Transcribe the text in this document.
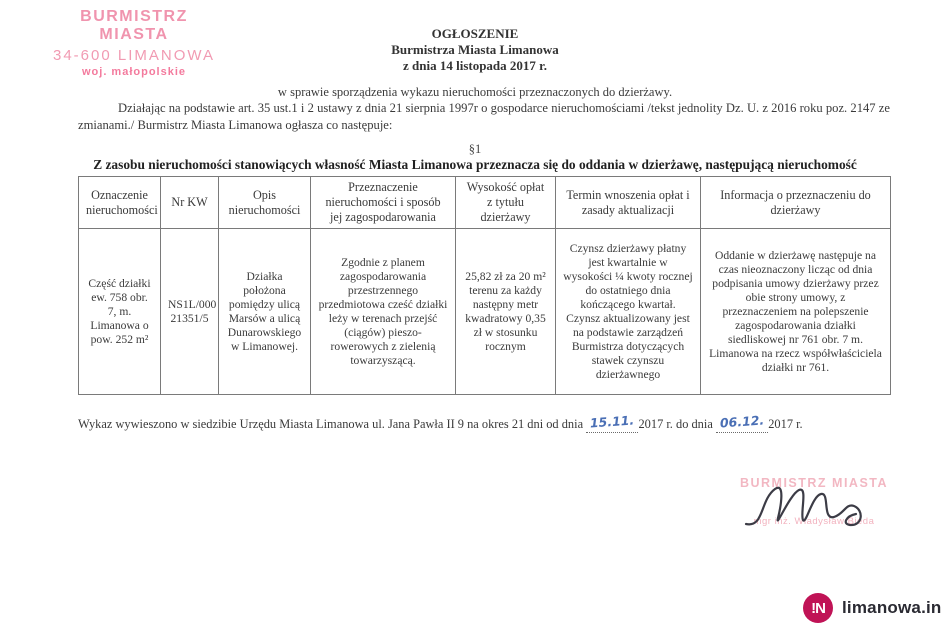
BURMISTRZ MIASTA
34-600 LIMANOWA
woj. małopolskie
OGŁOSZENIE
Burmistrza Miasta Limanowa
z dnia 14 listopada 2017 r.
w sprawie sporządzenia wykazu nieruchomości przeznaczonych do dzierżawy.
Działając na podstawie art. 35 ust.1 i 2 ustawy z dnia 21 sierpnia 1997r o gospodarce nieruchomościami /tekst jednolity Dz. U. z 2016 roku poz. 2147 ze zmianami./ Burmistrz Miasta Limanowa ogłasza co następuje:
§1
Z zasobu nieruchomości stanowiących własność Miasta Limanowa przeznacza się do oddania w dzierżawę, następującą nieruchomość
Oznaczenie nieruchomości	Nr KW	Opis nieruchomości	Przeznaczenie nieruchomości i sposób jej zagospodarowania	Wysokość opłat z tytułu dzierżawy	Termin wnoszenia opłat i zasady aktualizacji	Informacja o przeznaczeniu do dzierżawy
Część działki ew. 758 obr. 7, m. Limanowa o pow. 252 m²	NS1L/000 21351/5	Działka położona pomiędzy ulicą Marsów a ulicą Dunarowskiego w Limanowej.	Zgodnie z planem zagospodarowania przestrzennego przedmiotowa cześć działki leży w terenach przejść (ciągów) pieszo-rowerowych z zielenią towarzyszącą.	25,82 zł za 20 m² terenu za każdy następny metr kwadratowy 0,35 zł w stosunku rocznym	Czynsz dzierżawy płatny jest kwartalnie w wysokości ¼ kwoty rocznej do ostatniego dnia kończącego kwartał. Czynsz aktualizowany jest na podstawie zarządzeń Burmistrza dotyczących stawek czynszu dzierżawnego	Oddanie w dzierżawę następuje na czas nieoznaczony licząc od dnia podpisania umowy dzierżawy przez obie strony umowy, z przeznaczeniem na polepszenie zagospodarowania działki siedliskowej nr 761 obr. 7 m. Limanowa na rzecz współwłaściciela działki nr 761.
Wykaz wywieszono w siedzibie Urzędu Miasta Limanowa ul. Jana Pawła II 9 na okres 21 dni od dnia 15.11. 2017 r. do dnia 06.12. 2017 r.
BURMISTRZ MIASTA
mgr inż. Władysław Bieda
!N	limanowa.in
